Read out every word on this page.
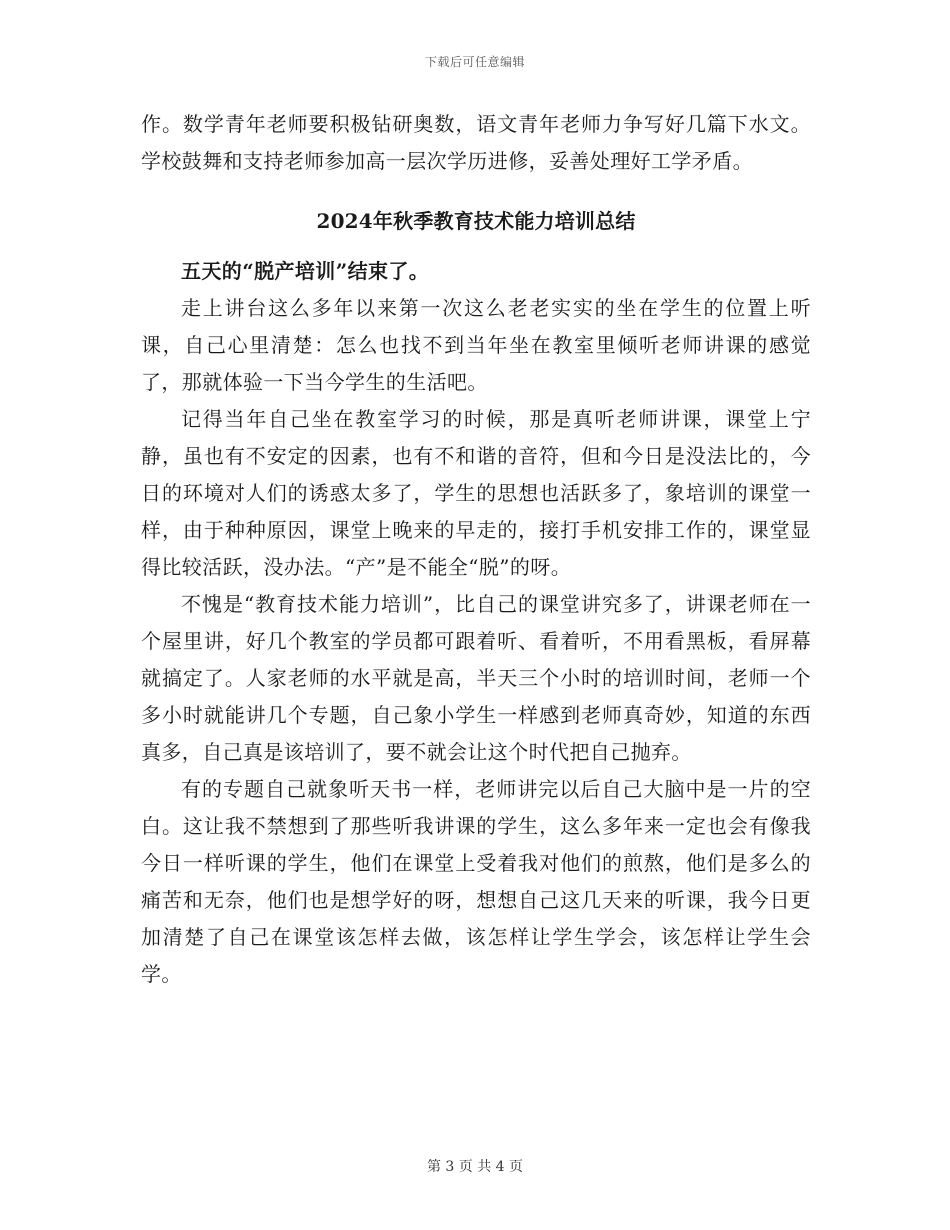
下载后可任意编辑

作。数学青年老师要积极钻研奥数，语文青年老师力争写好几篇下水文。学校鼓舞和支持老师参加高一层次学历进修，妥善处理好工学矛盾。

2024年秋季教育技术能力培训总结

五天的“脱产培训”结束了。

走上讲台这么多年以来第一次这么老老实实的坐在学生的位置上听课，自己心里清楚：怎么也找不到当年坐在教室里倾听老师讲课的感觉了，那就体验一下当今学生的生活吧。

记得当年自己坐在教室学习的时候，那是真听老师讲课，课堂上宁静，虽也有不安定的因素，也有不和谐的音符，但和今日是没法比的，今日的环境对人们的诱惑太多了，学生的思想也活跃多了，象培训的课堂一样，由于种种原因，课堂上晚来的早走的，接打手机安排工作的，课堂显得比较活跃，没办法。“产”是不能全“脱”的呀。

不愧是“教育技术能力培训”，比自己的课堂讲究多了，讲课老师在一个屋里讲，好几个教室的学员都可跟着听、看着听，不用看黑板，看屏幕就搞定了。人家老师的水平就是高，半天三个小时的培训时间，老师一个多小时就能讲几个专题，自己象小学生一样感到老师真奇妙，知道的东西真多，自己真是该培训了，要不就会让这个时代把自己抛弃。

有的专题自己就象听天书一样，老师讲完以后自己大脑中是一片的空白。这让我不禁想到了那些听我讲课的学生，这么多年来一定也会有像我今日一样听课的学生，他们在课堂上受着我对他们的煎熬，他们是多么的痛苦和无奈，他们也是想学好的呀，想想自己这几天来的听课，我今日更加清楚了自己在课堂该怎样去做，该怎样让学生学会，该怎样让学生会学。

第 3 页 共 4 页
